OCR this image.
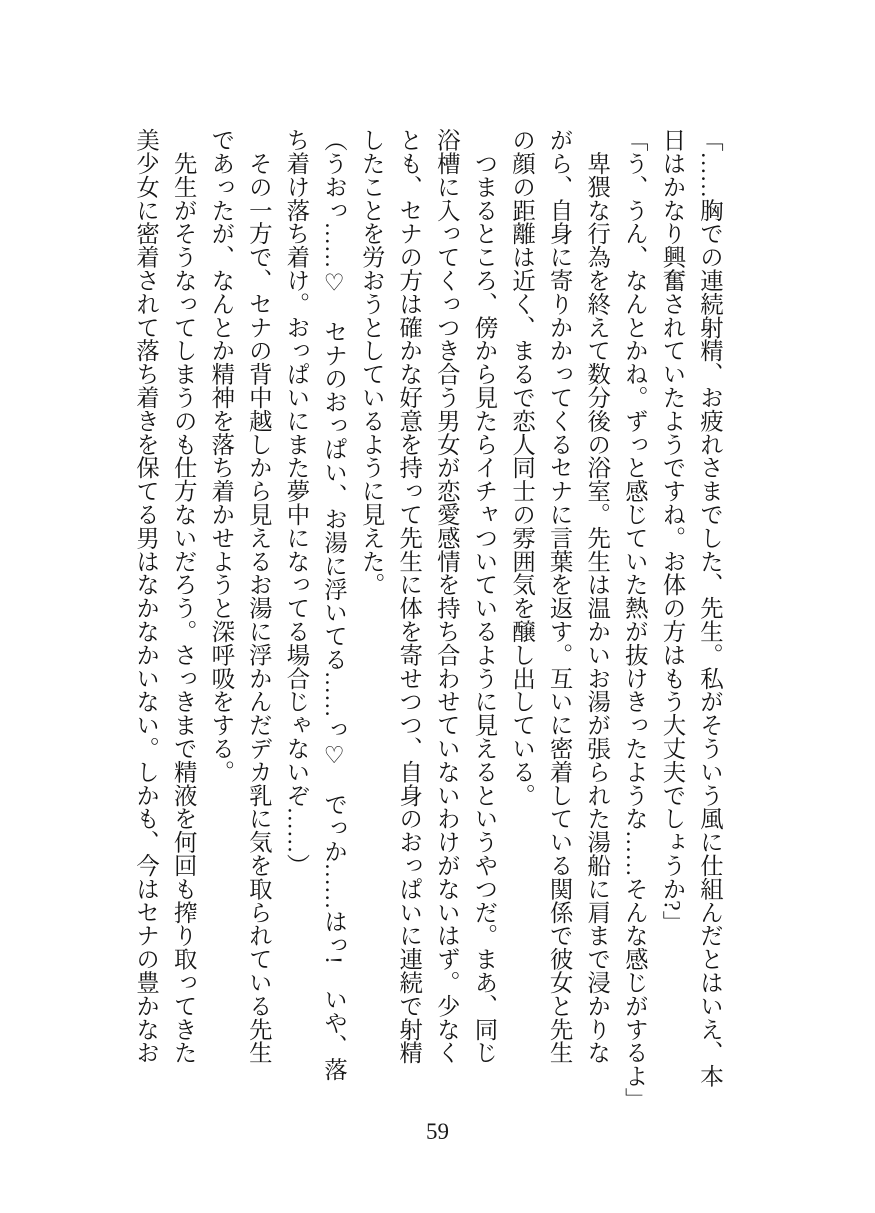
「……胸での連続射精、お疲れさまでした、先生。私がそういう風に仕組んだとはいえ、本
日はかなり興奮されていたようですね。お体の方はもう大丈夫でしょうか?」
「う、うん、なんとかね。ずっと感じていた熱が抜けきったような……そんな感じがするよ」
　卑猥な行為を終えて数分後の浴室。先生は温かいお湯が張られた湯船に肩まで浸かりな
がら、自身に寄りかかってくるセナに言葉を返す。互いに密着している関係で彼女と先生
の顔の距離は近く、まるで恋人同士の雰囲気を醸し出している。
　つまるところ、傍から見たらイチャついているように見えるというやつだ。まあ、同じ
浴槽に入ってくっつき合う男女が恋愛感情を持ち合わせていないわけがないはず。少なく
とも、セナの方は確かな好意を持って先生に体を寄せつつ、自身のおっぱいに連続で射精
したことを労おうとしているように見えた。
（うおっ……♡　セナのおっぱい、お湯に浮いてる……っ♡　でっか……はっ!　いや、落
ち着け落ち着け。おっぱいにまた夢中になってる場合じゃないぞ……）
　その一方で、セナの背中越しから見えるお湯に浮かんだデカ乳に気を取られている先生
であったが、なんとか精神を落ち着かせようと深呼吸をする。
　先生がそうなってしまうのも仕方ないだろう。さっきまで精液を何回も搾り取ってきた
美少女に密着されて落ち着きを保てる男はなかなかいない。しかも、今はセナの豊かなお
59
